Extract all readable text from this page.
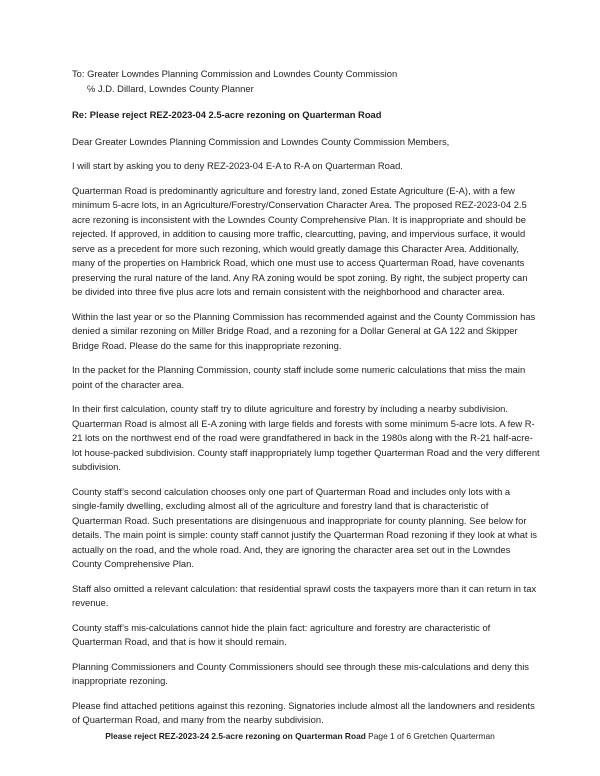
To: Greater Lowndes Planning Commission and Lowndes County Commission

℅ J.D. Dillard, Lowndes County Planner

Re: Please reject REZ-2023-04 2.5-acre rezoning on Quarterman Road

Dear Greater Lowndes Planning Commission and Lowndes County Commission Members,

I will start by asking you to deny REZ-2023-04 E-A to R-A on Quarterman Road.

Quarterman Road is predominantly agriculture and forestry land, zoned Estate Agriculture (E-A), with a few minimum 5-acre lots, in an Agriculture/Forestry/Conservation Character Area. The proposed REZ-2023-04 2.5 acre rezoning is inconsistent with the Lowndes County Comprehensive Plan. It is inappropriate and should be rejected. If approved, in addition to causing more traffic, clearcutting, paving, and impervious surface, it would serve as a precedent for more such rezoning, which would greatly damage this Character Area. Additionally, many of the properties on Hambrick Road, which one must use to access Quarterman Road, have covenants preserving the rural nature of the land. Any RA zoning would be spot zoning. By right, the subject property can be divided into three five plus acre lots and remain consistent with the neighborhood and character area.

Within the last year or so the Planning Commission has recommended against and the County Commission has denied a similar rezoning on Miller Bridge Road, and a rezoning for a Dollar General at GA 122 and Skipper Bridge Road. Please do the same for this inappropriate rezoning.

In the packet for the Planning Commission, county staff include some numeric calculations that miss the main point of the character area.

In their first calculation, county staff try to dilute agriculture and forestry by including a nearby subdivision. Quarterman Road is almost all E-A zoning with large fields and forests with some minimum 5-acre lots. A few R-21 lots on the northwest end of the road were grandfathered in back in the 1980s along with the R-21 half-acre-lot house-packed subdivision. County staff inappropriately lump together Quarterman Road and the very different subdivision.

County staff’s second calculation chooses only one part of Quarterman Road and includes only lots with a single-family dwelling, excluding almost all of the agriculture and forestry land that is characteristic of Quarterman Road. Such presentations are disingenuous and inappropriate for county planning. See below for details. The main point is simple: county staff cannot justify the Quarterman Road rezoning if they look at what is actually on the road, and the whole road. And, they are ignoring the character area set out in the Lowndes County Comprehensive Plan.

Staff also omitted a relevant calculation: that residential sprawl costs the taxpayers more than it can return in tax revenue.

County staff’s mis-calculations cannot hide the plain fact: agriculture and forestry are characteristic of Quarterman Road, and that is how it should remain.

Planning Commissioners and County Commissioners should see through these mis-calculations and deny this inappropriate rezoning.

Please find attached petitions against this rezoning. Signatories include almost all the landowners and residents of Quarterman Road, and many from the nearby subdivision.

Please reject REZ-2023-24 2.5-acre rezoning on Quarterman Road Page 1 of 6 Gretchen Quarterman
